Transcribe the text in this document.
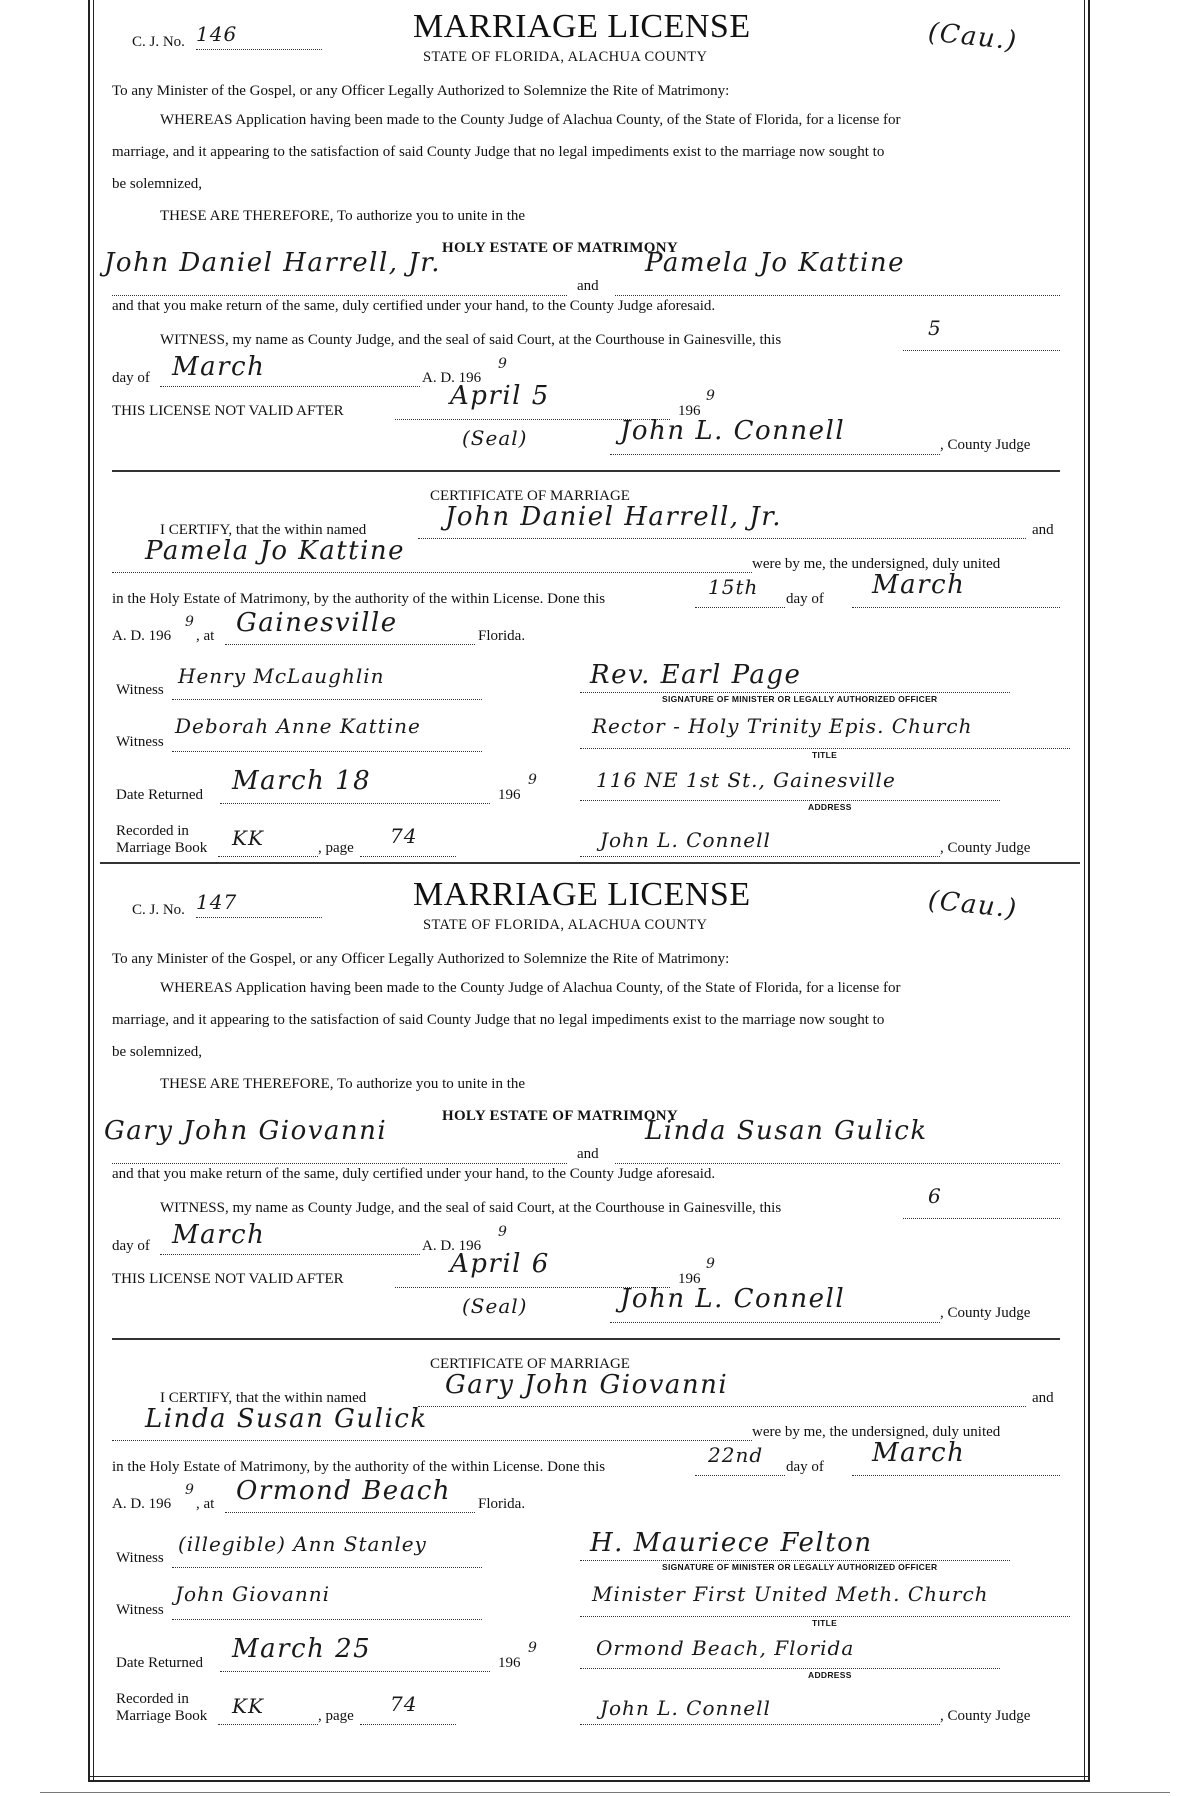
C. J. No. 146	MARRIAGE LICENSE
STATE OF FLORIDA, ALACHUA COUNTY
(Cau.)
To any Minister of the Gospel, or any Officer Legally Authorized to Solemnize the Rite of Matrimony:
WHEREAS Application having been made to the County Judge of Alachua County, of the State of Florida, for a license for
marriage, and it appearing to the satisfaction of said County Judge that no legal impediments exist to the marriage now sought to
be solemnized,
THESE ARE THEREFORE, To authorize you to unite in the
HOLY ESTATE OF MATRIMONY
John Daniel Harrell, Jr.
and
Pamela Jo Kattine
and that you make return of the same, duly certified under your hand, to the County Judge aforesaid.
WITNESS, my name as County Judge, and the seal of said Court, at the Courthouse in Gainesville, this	5
day of March	A. D. 196
9
THIS LICENSE NOT VALID AFTER	April 5	196
9
(Seal)	John L. Connell	, County Judge
CERTIFICATE OF MARRIAGE
I CERTIFY, that the within named	John Daniel Harrell, Jr.	and
Pamela Jo Kattine	were by me, the undersigned, duly united
in the Holy Estate of Matrimony, by the authority of the within License. Done this	15th day of March
A. D. 196
9
, at Gainesville	Florida.
Witness
Henry McLaughlin	Rev. Earl Page
SIGNATURE OF MINISTER OR LEGALLY AUTHORIZED OFFICER
Witness
Deborah Anne Kattine	Rector - Holy Trinity Epis. Church
TITLE
Date Returned March 18	196
9	116 NE 1st St., Gainesville
ADDRESS
Recorded in
Marriage Book KK	, page 74	John L. Connell	, County Judge
C. J. No. 147	MARRIAGE LICENSE
STATE OF FLORIDA, ALACHUA COUNTY
(Cau.)
To any Minister of the Gospel, or any Officer Legally Authorized to Solemnize the Rite of Matrimony:
WHEREAS Application having been made to the County Judge of Alachua County, of the State of Florida, for a license for
marriage, and it appearing to the satisfaction of said County Judge that no legal impediments exist to the marriage now sought to
be solemnized,
THESE ARE THEREFORE, To authorize you to unite in the
HOLY ESTATE OF MATRIMONY
Gary John Giovanni
and
Linda Susan Gulick
and that you make return of the same, duly certified under your hand, to the County Judge aforesaid.
WITNESS, my name as County Judge, and the seal of said Court, at the Courthouse in Gainesville, this	6
day of March	A. D. 196
9
THIS LICENSE NOT VALID AFTER	April 6	196
9
(Seal)	John L. Connell	, County Judge
CERTIFICATE OF MARRIAGE
I CERTIFY, that the within named	Gary John Giovanni	and
Linda Susan Gulick	were by me, the undersigned, duly united
in the Holy Estate of Matrimony, by the authority of the within License. Done this	22nd day of March
A. D. 196
9
, at Ormond Beach Florida.
Witness
(illegible) Ann Stanley	H. Mauriece Felton
SIGNATURE OF MINISTER OR LEGALLY AUTHORIZED OFFICER
Witness
John Giovanni	Minister First United Meth. Church
TITLE
Date Returned March 25	196
9	Ormond Beach, Florida
ADDRESS
Recorded in
Marriage Book KK	, page 74	John L. Connell	, County Judge
